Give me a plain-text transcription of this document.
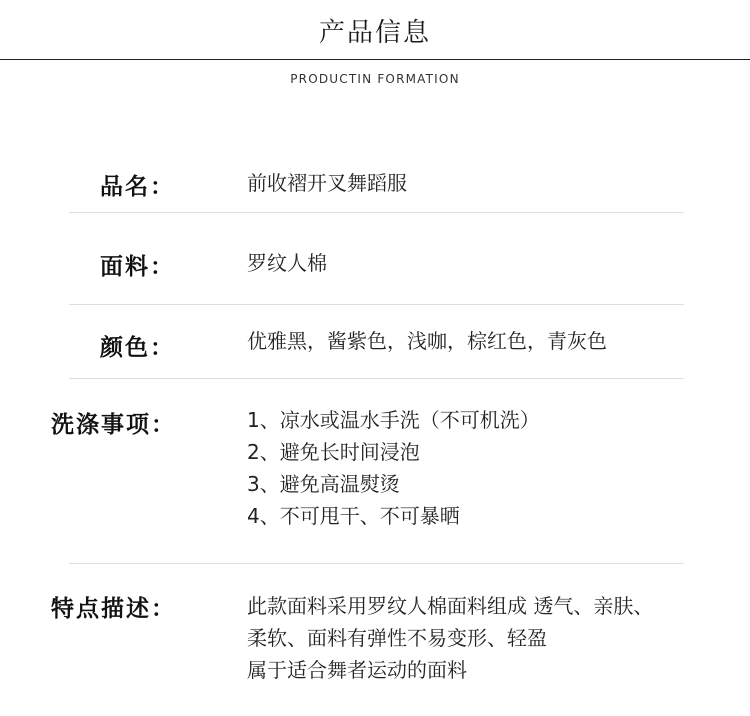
产品信息
PRODUCTIN FORMATION
品名：	前收褶开叉舞蹈服
面料：	罗纹人棉
颜色：	优雅黑，酱紫色，浅咖，棕红色，青灰色
洗涤事项：	1、凉水或温水手洗（不可机洗）
2、避免长时间浸泡
3、避免高温熨烫
4、不可甩干、不可暴晒
特点描述：	此款面料采用罗纹人棉面料组成 透气、亲肤、
柔软、面料有弹性不易变形、轻盈
属于适合舞者运动的面料
